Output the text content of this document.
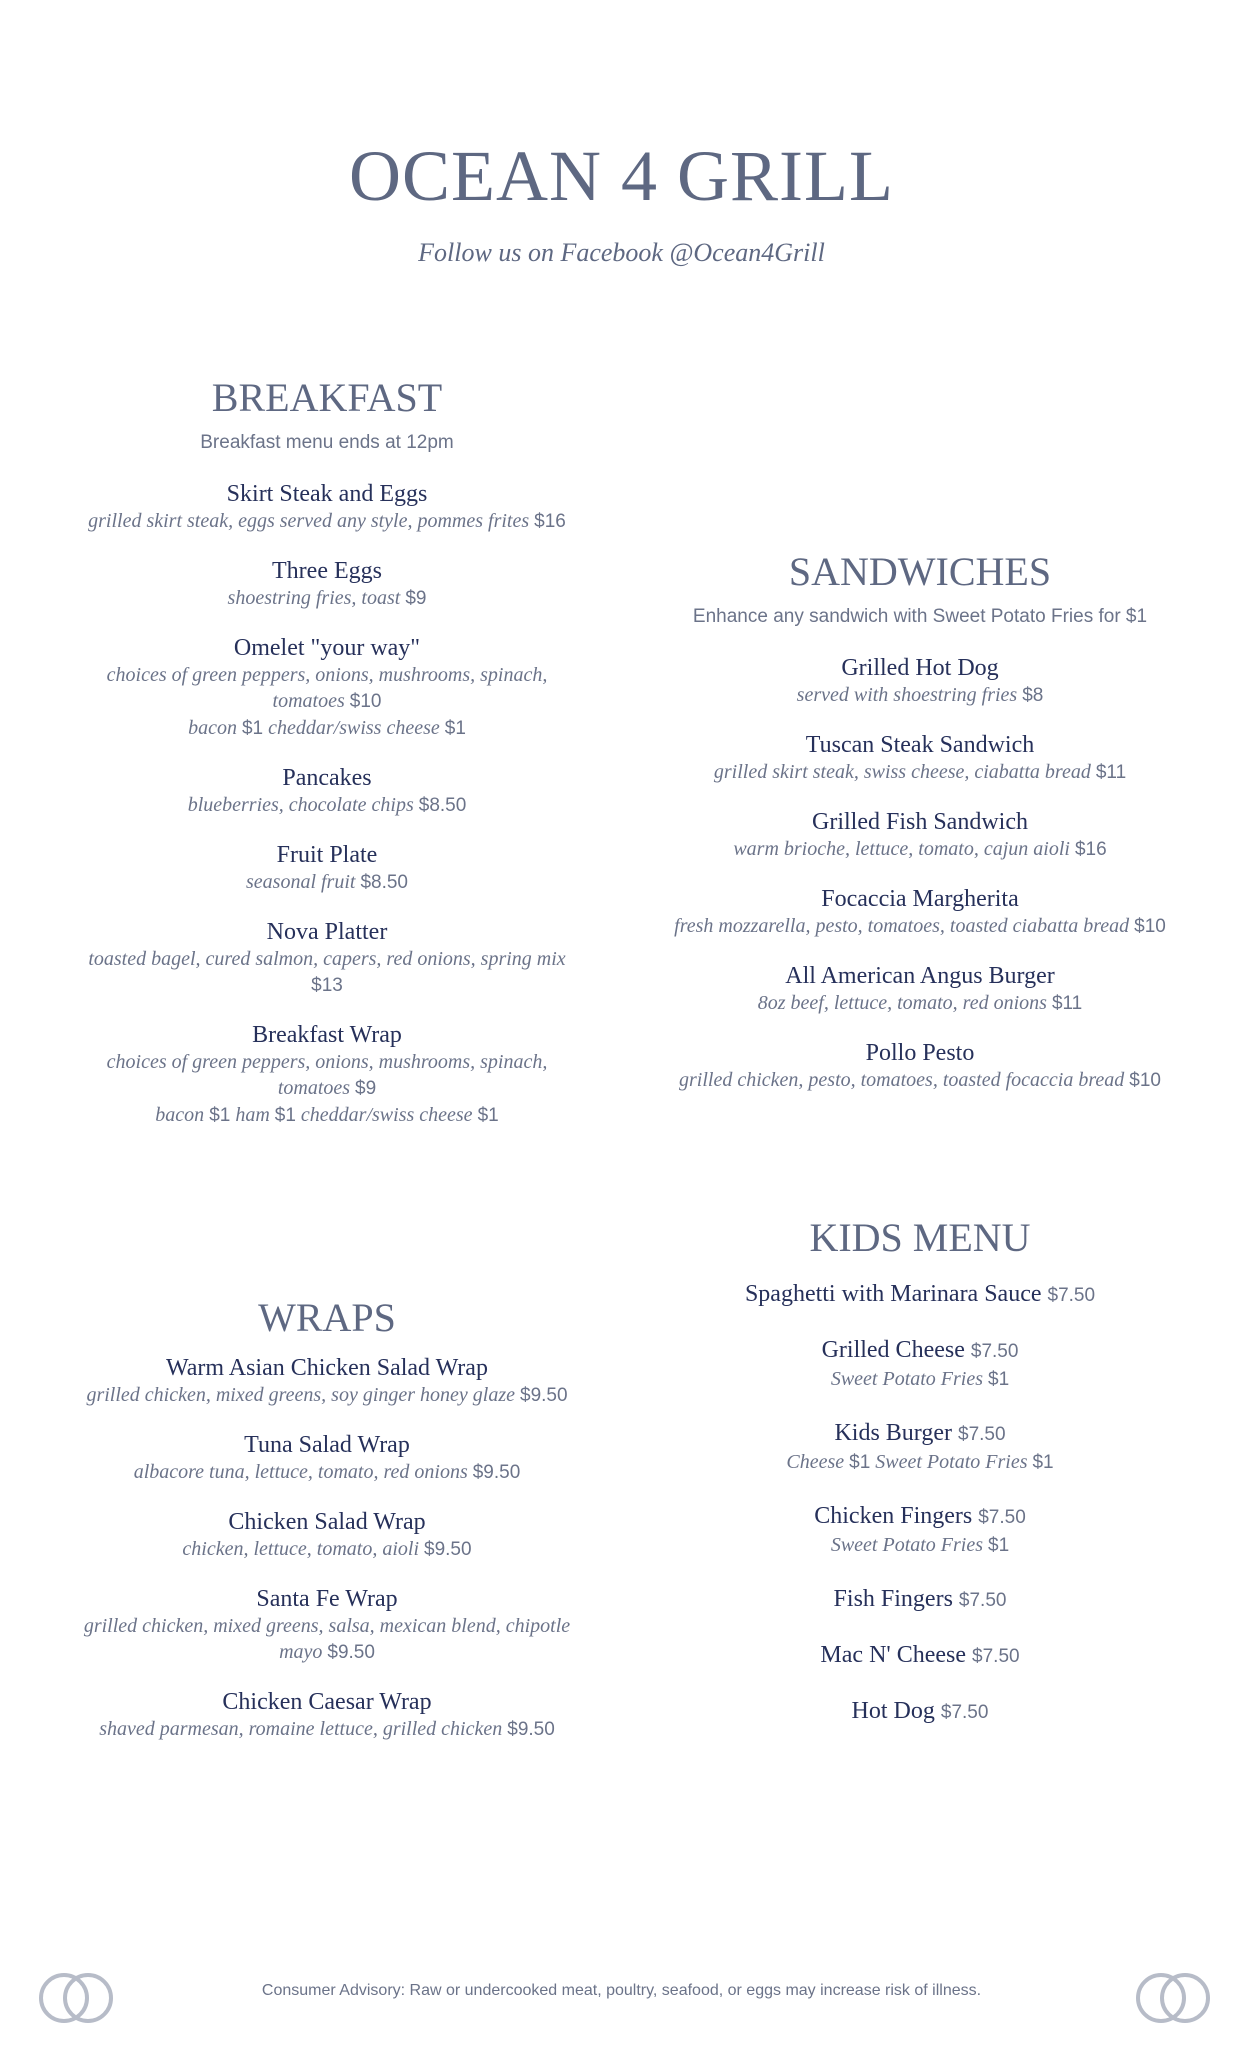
OCEAN 4 GRILL
Follow us on Facebook @Ocean4Grill
BREAKFAST
Breakfast menu ends at 12pm
Skirt Steak and Eggs
grilled skirt steak, eggs served any style, pommes frites $16
Three Eggs
shoestring fries, toast $9
Omelet "your way"
choices of green peppers, onions, mushrooms, spinach,
tomatoes $10
bacon $1 cheddar/swiss cheese $1
Pancakes
blueberries, chocolate chips $8.50
Fruit Plate
seasonal fruit $8.50
Nova Platter
toasted bagel, cured salmon, capers, red onions, spring mix
$13
Breakfast Wrap
choices of green peppers, onions, mushrooms, spinach,
tomatoes $9
bacon $1 ham $1 cheddar/swiss cheese $1
SANDWICHES
Enhance any sandwich with Sweet Potato Fries for $1
Grilled Hot Dog
served with shoestring fries $8
Tuscan Steak Sandwich
grilled skirt steak, swiss cheese, ciabatta bread $11
Grilled Fish Sandwich
warm brioche, lettuce, tomato, cajun aioli $16
Focaccia Margherita
fresh mozzarella, pesto, tomatoes, toasted ciabatta bread $10
All American Angus Burger
8oz beef, lettuce, tomato, red onions $11
Pollo Pesto
grilled chicken, pesto, tomatoes, toasted focaccia bread $10
WRAPS
Warm Asian Chicken Salad Wrap
grilled chicken, mixed greens, soy ginger honey glaze $9.50
Tuna Salad Wrap
albacore tuna, lettuce, tomato, red onions $9.50
Chicken Salad Wrap
chicken, lettuce, tomato, aioli $9.50
Santa Fe Wrap
grilled chicken, mixed greens, salsa, mexican blend, chipotle
mayo $9.50
Chicken Caesar Wrap
shaved parmesan, romaine lettuce, grilled chicken $9.50
KIDS MENU
Spaghetti with Marinara Sauce $7.50
Grilled Cheese $7.50
Sweet Potato Fries $1
Kids Burger $7.50
Cheese $1 Sweet Potato Fries $1
Chicken Fingers $7.50
Sweet Potato Fries $1
Fish Fingers $7.50
Mac N' Cheese $7.50
Hot Dog $7.50
Consumer Advisory: Raw or undercooked meat, poultry, seafood, or eggs may increase risk of illness.
